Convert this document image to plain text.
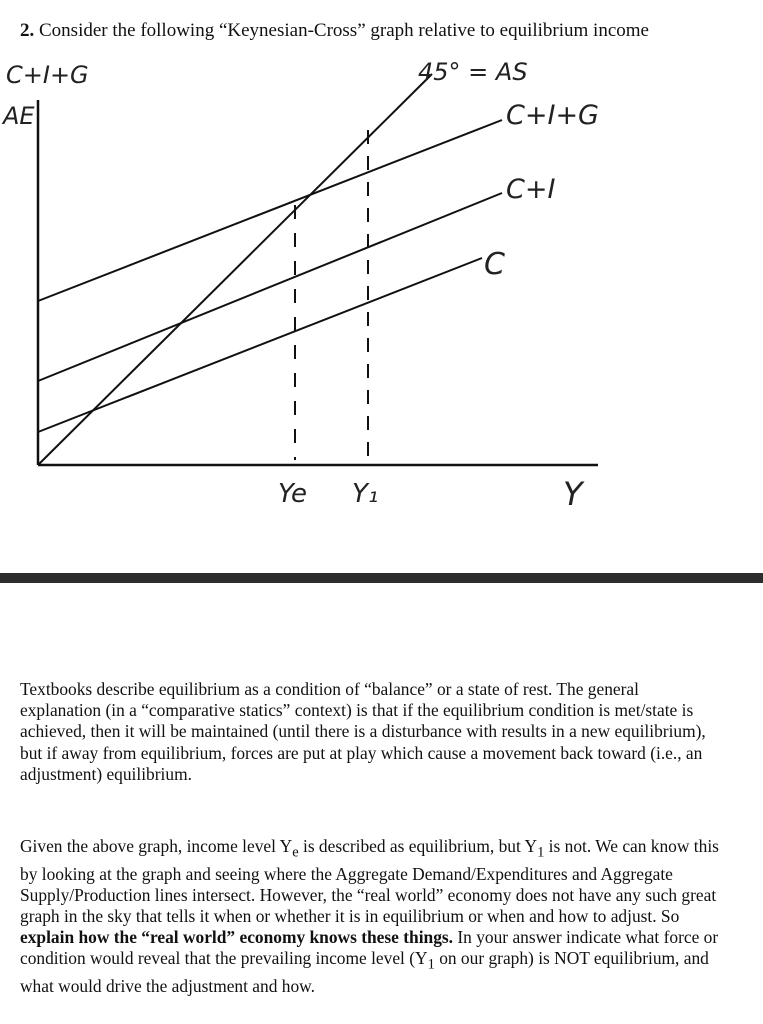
2. Consider the following “Keynesian-Cross” graph relative to equilibrium income
C+I+G
AE
45° = AS
C+I+G
C+I
C
Ye Y₁	Y

Textbooks describe equilibrium as a condition of “balance” or a state of rest. The general explanation (in a “comparative statics” context) is that if the equilibrium condition is met/state is achieved, then it will be maintained (until there is a disturbance with results in a new equilibrium), but if away from equilibrium, forces are put at play which cause a movement back toward (i.e., an adjustment) equilibrium.

Given the above graph, income level $Y_e$ is described as equilibrium, but $Y_1$ is not. We can know this by looking at the graph and seeing where the Aggregate Demand/Expenditures and Aggregate Supply/Production lines intersect. However, the “real world” economy does not have any such great graph in the sky that tells it when or whether it is in equilibrium or when and how to adjust. So explain how the “real world” economy knows these things. In your answer indicate what force or condition would reveal that the prevailing income level ($Y_1$ on our graph) is NOT equilibrium, and what would drive the adjustment and how.
